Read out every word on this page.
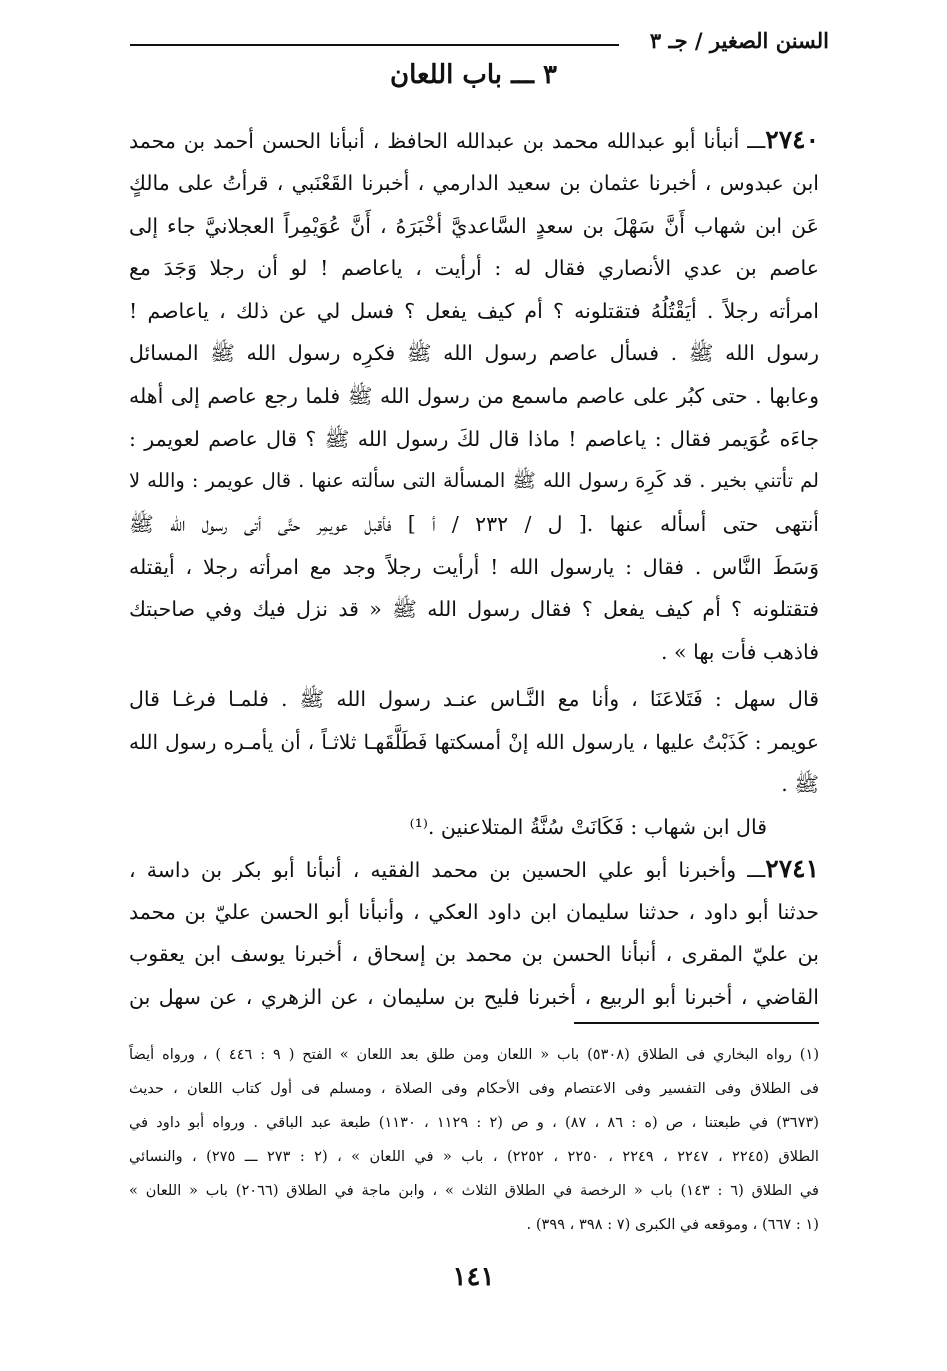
السنن الصغير / جـ ٣
٣ ـــ باب اللعان
٢٧٤٠ـــ أنبأنا أبو عبدالله محمد بن عبدالله الحافظ ، أنبأنا الحسن أحمد بن محمد
ابن عبدوس ، أخبرنا عثمان بن سعيد الدارمي ، أخبرنا القَعْنَبي ، قرأتُ على مالكٍ
عَن ابن شهاب أَنَّ سَهْلَ بن سعدٍ السَّاعديَّ أخْبَرَهُ ، أَنَّ عُوَيْمِراً العجلانيَّ جاء إلى
عاصم بن عدي الأنصاري فقال له : أرأيت ، ياعاصم ! لو أن رجلا وَجَدَ مع
امرأته رجلاً . أيَقْتُلُهُ فتقتلونه ؟ أم كيف يفعل ؟ فسل لي عن ذلك ، ياعاصم !
رسول الله ﷺ . فسأل عاصم رسول الله ﷺ فكرِه رسول الله ﷺ المسائل
وعابها . حتى كبُر على عاصم ماسمع من رسول الله ﷺ فلما رجع عاصم إلى أهله
جاءَه عُوَيمر فقال : ياعاصم ! ماذا قال لكَ رسول الله ﷺ ؟ قال عاصم لعويمر :
لم تأتني بخير . قد كَرِهَ رسول الله ﷺ المسألة التى سألته عنها . قال عويمر : والله لا
أنتهى حتى أسأله عنها .[ ل / ٢٣٢ / أ ] فأقبل عويمِر حتَّى أتى رسول الله ﷺ
وَسَطَ النَّاس . فقال : يارسول الله ! أرأيت رجلاً وجد مع امرأته رجلا ، أيقتله
فتقتلونه ؟ أم كيف يفعل ؟ فقال رسول الله ﷺ « قد نزل فيك وفي صاحبتك
فاذهب فأت بها » .
قال سهل : فَتَلاعَنَا ، وأنا مع النَّـاس عنـد رسول الله ﷺ . فلمـا فرغـا قال
عويمر : كَذَبْتُ عليها ، يارسول الله إنْ أمسكتها فَطَلَّقَهـا ثلاثـاً ، أن يأمـره رسول الله
ﷺ .
قال ابن شهاب : فَكَانَتْ سُنَّةُ المتلاعنين .⁽¹⁾
٢٧٤١ـــ وأخبرنا أبو علي الحسين بن محمد الفقيه ، أنبأنا أبو بكر بن داسة ،
حدثنا أبو داود ، حدثنا سليمان ابن داود العكي ، وأنبأنا أبو الحسن عليّ بن محمد
بن عليّ المقرى ، أنبأنا الحسن بن محمد بن إسحاق ، أخبرنا يوسف ابن يعقوب
القاضي ، أخبرنا أبو الربيع ، أخبرنا فليح بن سليمان ، عن الزهري ، عن سهل بن
(١) رواه البخاري فى الطلاق (٥٣٠٨) باب « اللعان ومن طلق بعد اللعان » الفتح ( ٩ : ٤٤٦ ) ، ورواه أيضاً
فى الطلاق وفى التفسير وفى الاعتصام وفى الأحكام وفى الصلاة ، ومسلم فى أول كتاب اللعان ، حديث
(٣٦٧٣) في طبعتنا ، ص (ه : ٨٦ ، ٨٧) ، و ص (٢ : ١١٢٩ ، ١١٣٠) طبعة عبد الباقي . ورواه أبو داود في
الطلاق (٢٢٤٥ ، ٢٢٤٧ ، ٢٢٤٩ ، ٢٢٥٠ ، ٢٢٥٢) ، باب « في اللعان » ، (٢ : ٢٧٣ ـــ ٢٧٥) ، والنسائي
في الطلاق (٦ : ١٤٣) باب « الرخصة في الطلاق الثلاث » ، وابن ماجة في الطلاق (٢٠٦٦) باب « اللعان »
(١ : ٦٦٧) ، وموقعه في الكبرى (٧ : ٣٩٨ ، ٣٩٩) .
١٤١
